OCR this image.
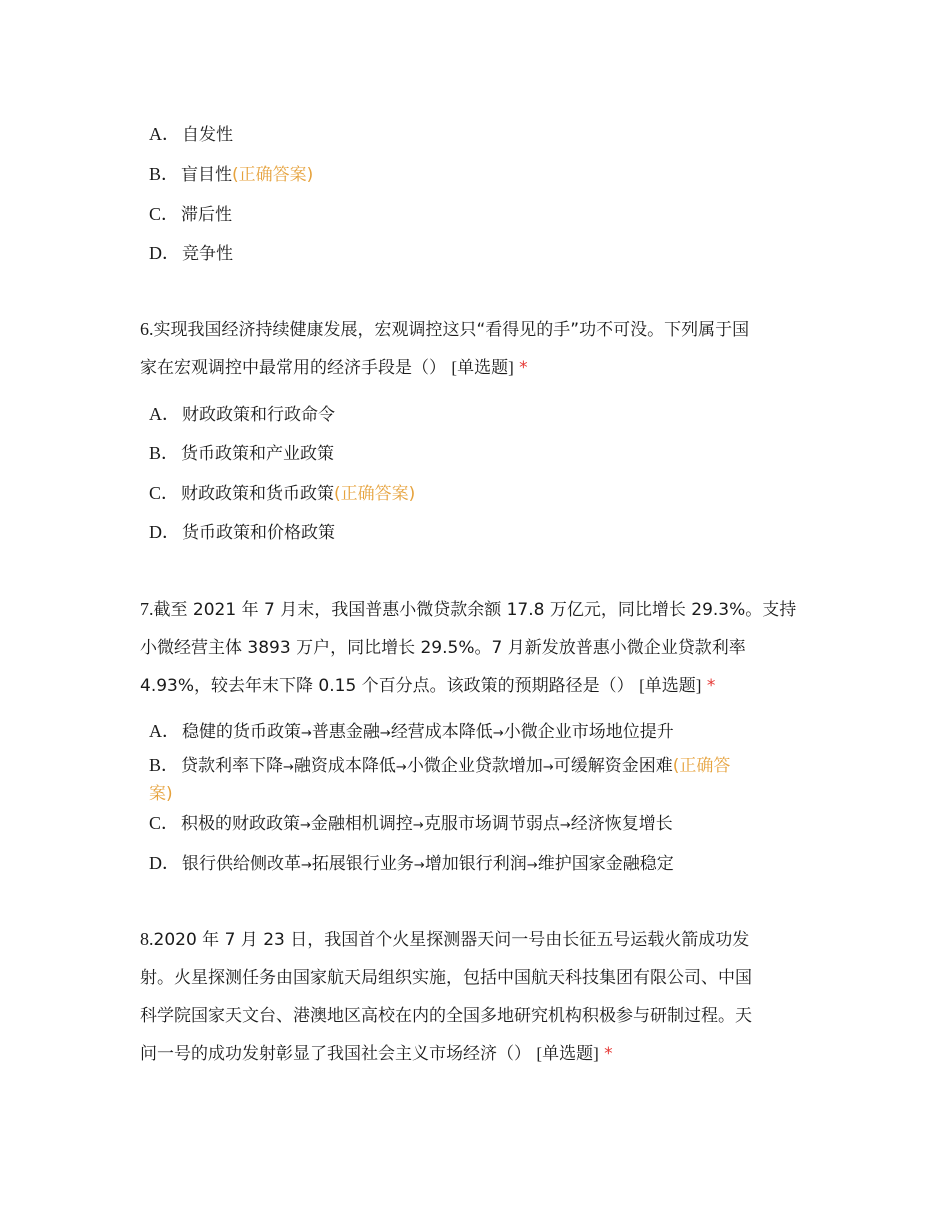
A． 自发性
B． 盲目性(正确答案)
C． 滞后性
D． 竞争性
6.实现我国经济持续健康发展，宏观调控这只“看得见的手”功不可没。下列属于国
家在宏观调控中最常用的经济手段是（） [单选题] *
A． 财政政策和行政命令
B． 货币政策和产业政策
C． 财政政策和货币政策(正确答案)
D． 货币政策和价格政策
7.截至 2021 年 7 月末，我国普惠小微贷款余额 17.8 万亿元，同比增长 29.3%。支持
小微经营主体 3893 万户，同比增长 29.5%。7 月新发放普惠小微企业贷款利率
4.93%，较去年末下降 0.15 个百分点。该政策的预期路径是（） [单选题] *
A． 稳健的货币政策→普惠金融→经营成本降低→小微企业市场地位提升
B． 贷款利率下降→融资成本降低→小微企业贷款增加→可缓解资金困难(正确答
案)
C． 积极的财政政策→金融相机调控→克服市场调节弱点→经济恢复增长
D． 银行供给侧改革→拓展银行业务→增加银行利润→维护国家金融稳定
8.2020 年 7 月 23 日，我国首个火星探测器天问一号由长征五号运载火箭成功发
射。火星探测任务由国家航天局组织实施，包括中国航天科技集团有限公司、中国
科学院国家天文台、港澳地区高校在内的全国多地研究机构积极参与研制过程。天
问一号的成功发射彰显了我国社会主义市场经济（） [单选题] *
